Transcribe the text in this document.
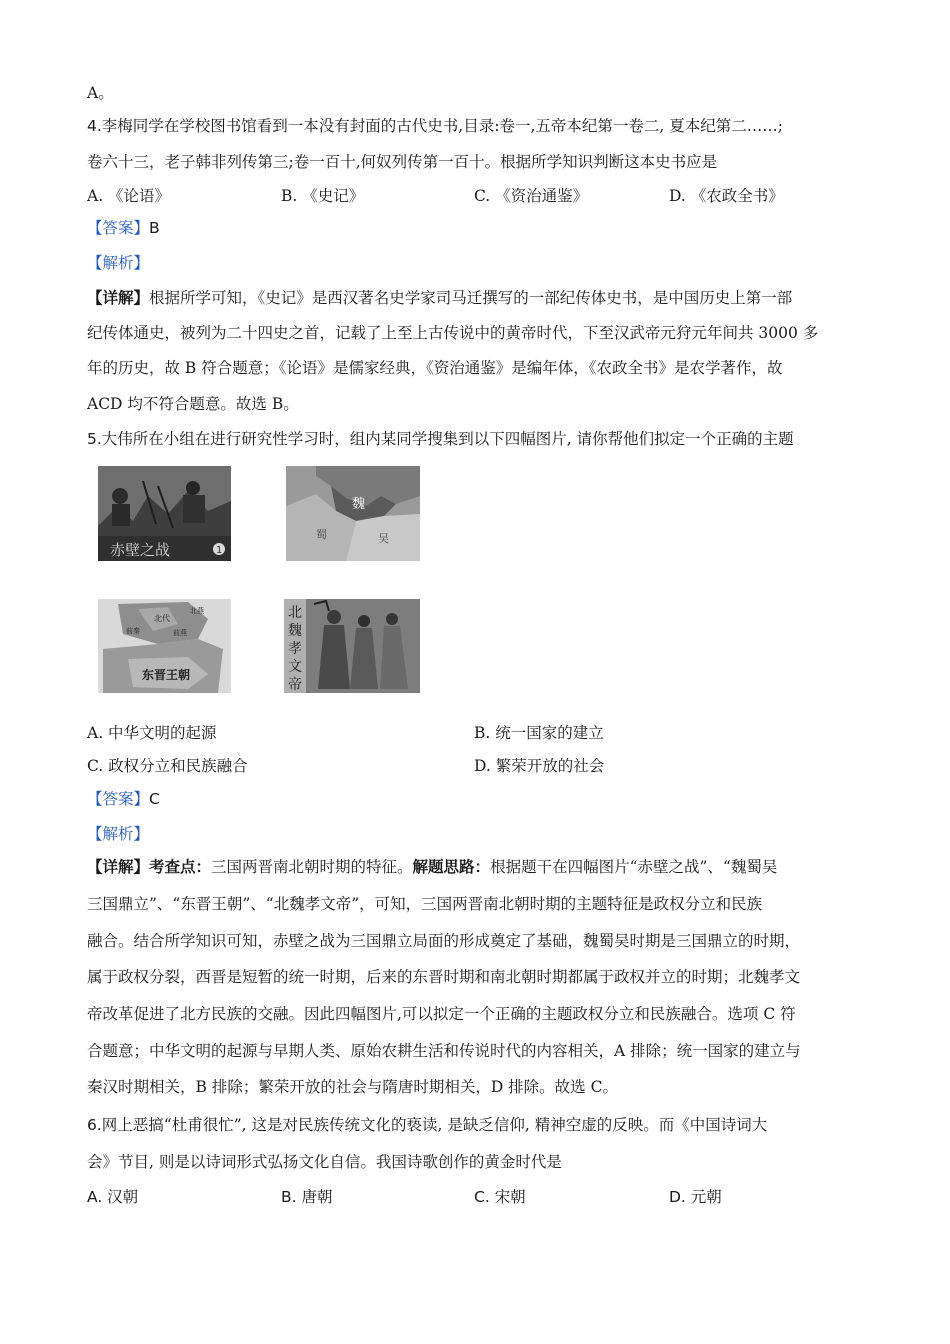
A。
4.李梅同学在学校图书馆看到一本没有封面的古代史书,目录:卷一,五帝本纪第一卷二, 夏本纪第二……;
卷六十三，老子韩非列传第三;卷一百十,何奴列传第一百十。根据所学知识判断这本史书应是
A. 《论语》	B. 《史记》	C. 《资治通鉴》	D. 《农政全书》
【答案】B
【解析】
【详解】根据所学可知，《史记》是西汉著名史学家司马迁撰写的一部纪传体史书，是中国历史上第一部
纪传体通史，被列为二十四史之首，记载了上至上古传说中的黄帝时代，下至汉武帝元狩元年间共 3000 多
年的历史，故 B 符合题意；《论语》是儒家经典，《资治通鉴》是编年体，《农政全书》是农学著作，故
ACD 均不符合题意。故选 B。
5.大伟所在小组在进行研究性学习时，组内某同学搜集到以下四幅图片, 请你帮他们拟定一个正确的主题
赤壁之战	1
魏
蜀	吴
北代
前秦	前燕
北燕
东晋王朝
北
魏
孝
文
帝
A. 中华文明的起源	B. 统一国家的建立
C. 政权分立和民族融合	D. 繁荣开放的社会
【答案】C
【解析】
【详解】考查点：三国两晋南北朝时期的特征。解题思路：根据题干在四幅图片“赤壁之战”、“魏蜀吴
三国鼎立”、“东晋王朝”、“北魏孝文帝”，可知，三国两晋南北朝时期的主题特征是政权分立和民族
融合。结合所学知识可知，赤壁之战为三国鼎立局面的形成奠定了基础，魏蜀吴时期是三国鼎立的时期，
属于政权分裂，西晋是短暂的统一时期，后来的东晋时期和南北朝时期都属于政权并立的时期；北魏孝文
帝改革促进了北方民族的交融。因此四幅图片,可以拟定一个正确的主题政权分立和民族融合。选项 C 符
合题意；中华文明的起源与早期人类、原始农耕生活和传说时代的内容相关，A 排除；统一国家的建立与
秦汉时期相关，B 排除；繁荣开放的社会与隋唐时期相关，D 排除。故选 C。
6.网上恶搞“杜甫很忙”, 这是对民族传统文化的亵读, 是缺乏信仰, 精神空虚的反映。而《中国诗词大
会》节目, 则是以诗词形式弘扬文化自信。我国诗歌创作的黄金时代是
A. 汉朝	B. 唐朝	C. 宋朝	D. 元朝
